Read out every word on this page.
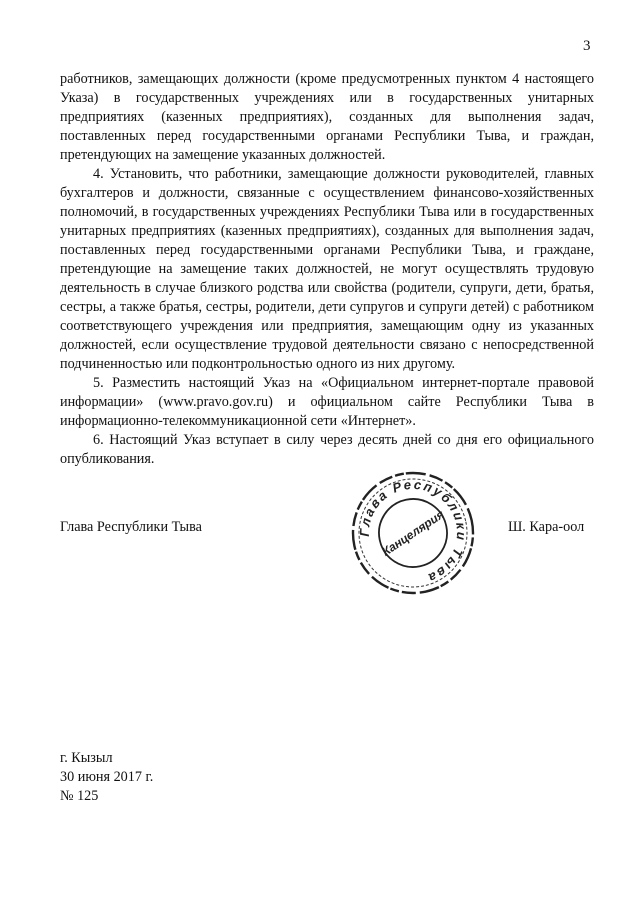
3

работников, замещающих должности (кроме предусмотренных пунктом 4 настоящего Указа) в государственных учреждениях или в государственных унитарных предприятиях (казенных предприятиях), созданных для выполнения задач, поставленных перед государственными органами Республики Тыва, и граждан, претендующих на замещение указанных должностей.

4. Установить, что работники, замещающие должности руководителей, главных бухгалтеров и должности, связанные с осуществлением финансово-хозяйственных полномочий, в государственных учреждениях Республики Тыва или в государственных унитарных предприятиях (казенных предприятиях), созданных для выполнения задач, поставленных перед государственными органами Республики Тыва, и граждане, претендующие на замещение таких должностей, не могут осуществлять трудовую деятельность в случае близкого родства или свойства (родители, супруги, дети, братья, сестры, а также братья, сестры, родители, дети супругов и супруги детей) с работником соответствующего учреждения или предприятия, замещающим одну из указанных должностей, если осуществление трудовой деятельности связано с непосредственной подчиненностью или подконтрольностью одного из них другому.

5. Разместить настоящий Указ на «Официальном интернет-портале правовой информации» (www.pravo.gov.ru) и официальном сайте Республики Тыва в информационно-телекоммуникационной сети «Интернет».

6. Настоящий Указ вступает в силу через десять дней со дня его официального опубликования.

Глава Республики Тыва	Глава Республики Тыва
Канцелярия	Ш. Кара-оол
г. Кызыл
30 июня 2017 г.
№ 125
